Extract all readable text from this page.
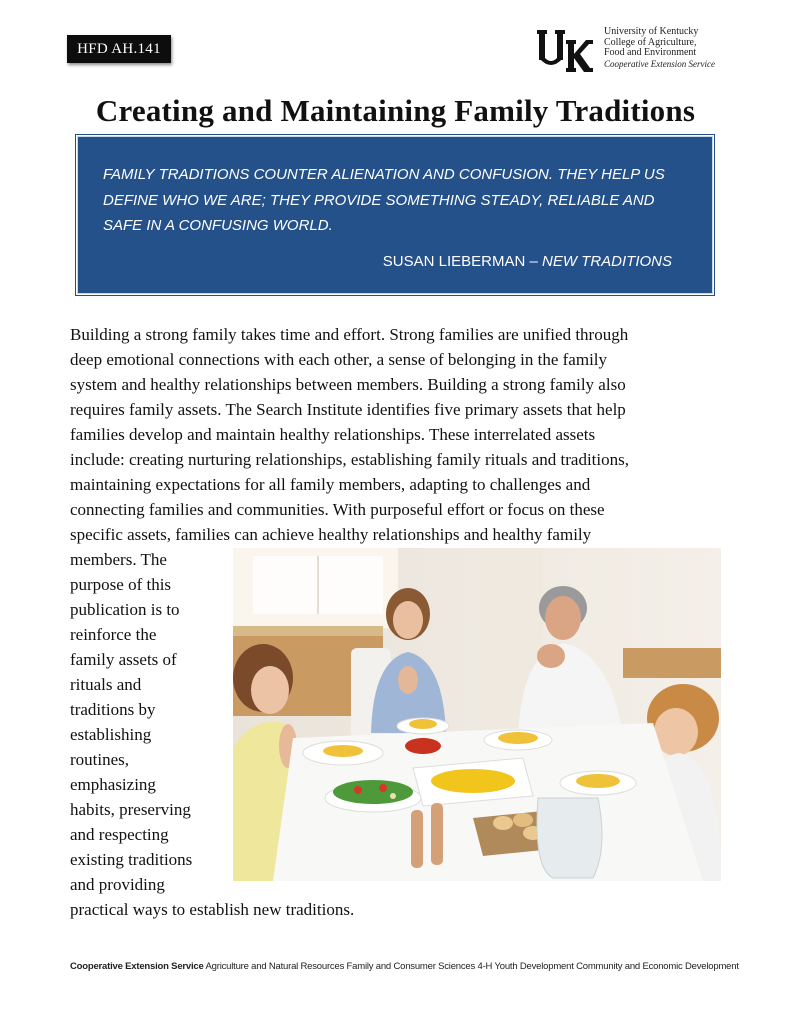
HFD AH.141
University of Kentucky
College of Agriculture,
Food and Environment
Cooperative Extension Service
Creating and Maintaining Family Traditions
FAMILY TRADITIONS COUNTER ALIENATION AND CONFUSION. THEY HELP US
DEFINE WHO WE ARE; THEY PROVIDE SOMETHING STEADY, RELIABLE AND
SAFE IN A CONFUSING WORLD.
SUSAN LIEBERMAN – NEW TRADITIONS
Building a strong family takes time and effort. Strong families are unified through
deep emotional connections with each other, a sense of belonging in the family
system and healthy relationships between members. Building a strong family also
requires family assets. The Search Institute identifies five primary assets that help
families develop and maintain healthy relationships. These interrelated assets
include: creating nurturing relationships, establishing family rituals and traditions,
maintaining expectations for all family members, adapting to challenges and
connecting families and communities. With purposeful effort or focus on these
specific assets, families can achieve healthy relationships and healthy family
members. The
purpose of this
publication is to
reinforce the
family assets of
rituals and
traditions by
establishing
routines,
emphasizing
habits, preserving
and respecting
existing traditions
and providing
practical ways to establish new traditions.
Cooperative Extension Service Agriculture and Natural Resources Family and Consumer Sciences 4-H Youth Development Community and Economic Development
